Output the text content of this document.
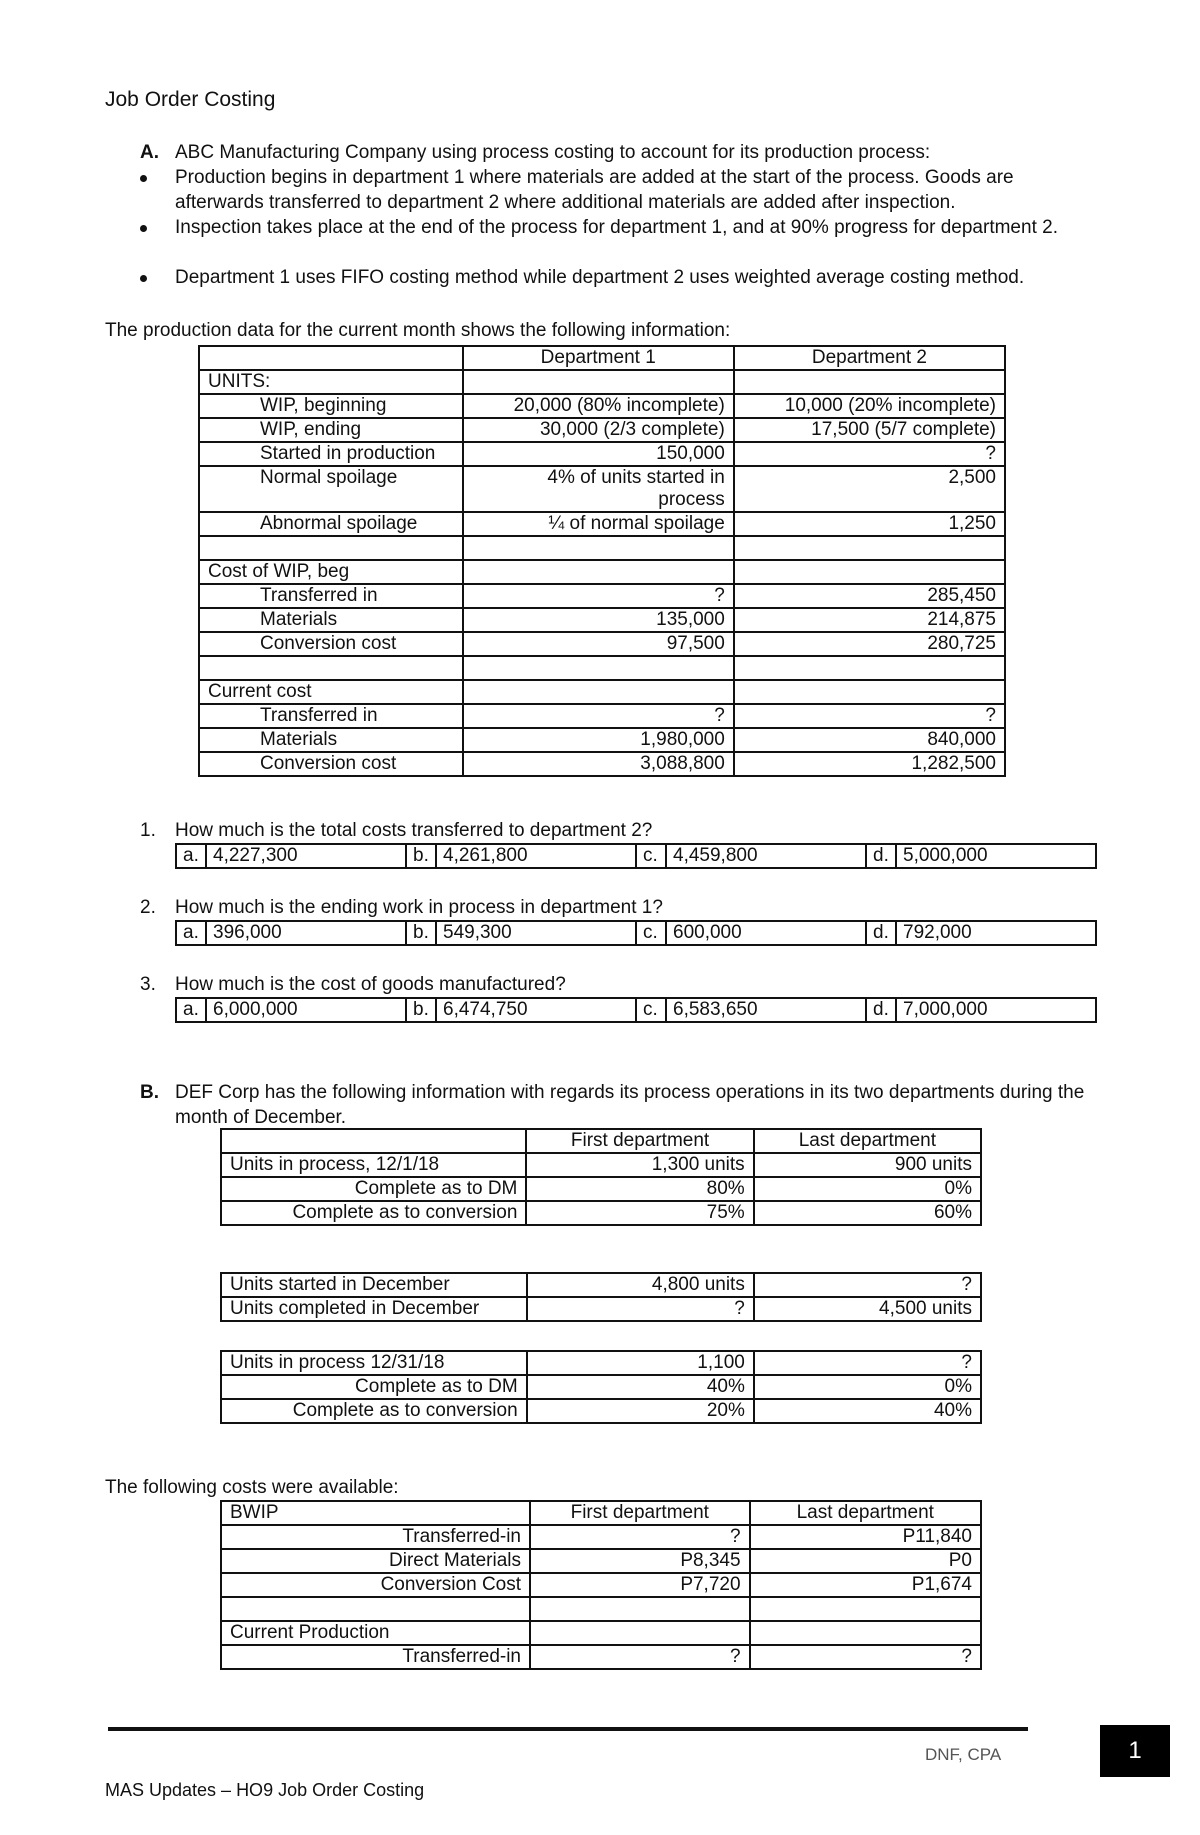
Job Order Costing
A. ABC Manufacturing Company using process costing to account for its production process:
Production begins in department 1 where materials are added at the start of the process. Goods are afterwards transferred to department 2 where additional materials are added after inspection.
Inspection takes place at the end of the process for department 1, and at 90% progress for department 2.
Department 1 uses FIFO costing method while department 2 uses weighted average costing method.
The production data for the current month shows the following information:
	Department 1	Department 2
UNITS:		
WIP, beginning	20,000 (80% incomplete)	10,000 (20% incomplete)
WIP, ending	30,000 (2/3 complete)	17,500 (5/7 complete)
Started in production	150,000	?
Normal spoilage	4% of units started in process	2,500
Abnormal spoilage	¼ of normal spoilage	1,250

Cost of WIP, beg		
Transferred in	?	285,450
Materials	135,000	214,875
Conversion cost	97,500	280,725

Current cost		
Transferred in	?	?
Materials	1,980,000	840,000
Conversion cost	3,088,800	1,282,500
1. How much is the total costs transferred to department 2?
a.	4,227,300	b.	4,261,800	c.	4,459,800	d.	5,000,000
2. How much is the ending work in process in department 1?
a.	396,000	b.	549,300	c.	600,000	d.	792,000
3. How much is the cost of goods manufactured?
a.	6,000,000	b.	6,474,750	c.	6,583,650	d.	7,000,000
B. DEF Corp has the following information with regards its process operations in its two departments during the month of December.
	First department	Last department
Units in process, 12/1/18	1,300 units	900 units
Complete as to DM	80%	0%
Complete as to conversion	75%	60%
Units started in December	4,800 units	?
Units completed in December	?	4,500 units
Units in process 12/31/18	1,100	?
Complete as to DM	40%	0%
Complete as to conversion	20%	40%
The following costs were available:
BWIP	First department	Last department
Transferred-in	?	P11,840
Direct Materials	P8,345	P0
Conversion Cost	P7,720	P1,674

Current Production		
Transferred-in	?	?
DNF, CPA	1
MAS Updates – HO9 Job Order Costing
